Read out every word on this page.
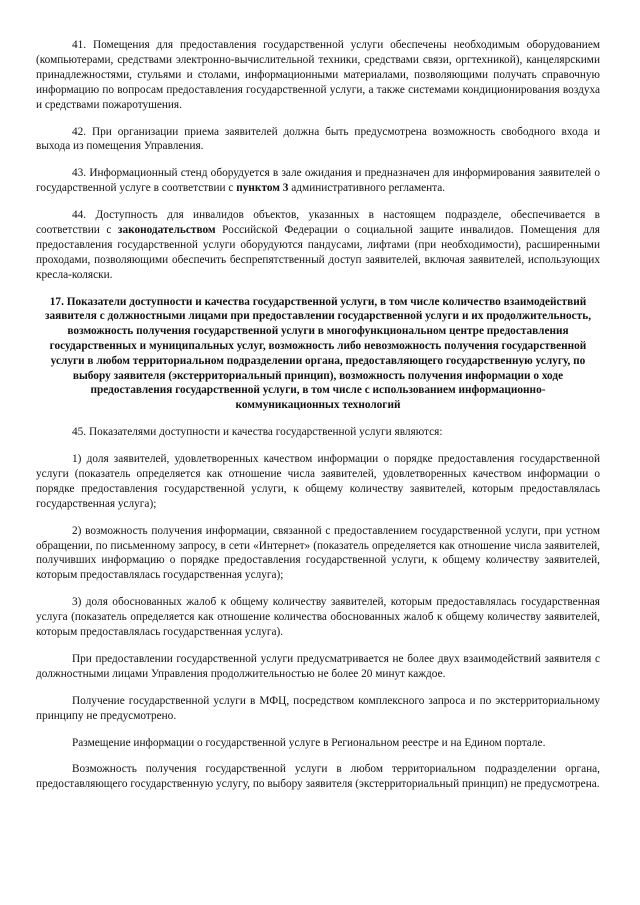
41. Помещения для предоставления государственной услуги обеспечены необходимым оборудованием (компьютерами, средствами электронно-вычислительной техники, средствами связи, оргтехникой), канцелярскими принадлежностями, стульями и столами, информационными материалами, позволяющими получать справочную информацию по вопросам предоставления государственной услуги, а также системами кондиционирования воздуха и средствами пожаротушения.

42. При организации приема заявителей должна быть предусмотрена возможность свободного входа и выхода из помещения Управления.

43. Информационный стенд оборудуется в зале ожидания и предназначен для информирования заявителей о государственной услуге в соответствии с пунктом 3 административного регламента.

44. Доступность для инвалидов объектов, указанных в настоящем подразделе, обеспечивается в соответствии с законодательством Российской Федерации о социальной защите инвалидов. Помещения для предоставления государственной услуги оборудуются пандусами, лифтами (при необходимости), расширенными проходами, позволяющими обеспечить беспрепятственный доступ заявителей, включая заявителей, использующих кресла-коляски.

17. Показатели доступности и качества государственной услуги, в том числе количество взаимодействий заявителя с должностными лицами при предоставлении государственной услуги и их продолжительность, возможность получения государственной услуги в многофункциональном центре предоставления государственных и муниципальных услуг, возможность либо невозможность получения государственной услуги в любом территориальном подразделении органа, предоставляющего государственную услугу, по выбору заявителя (экстерриториальный принцип), возможность получения информации о ходе предоставления государственной услуги, в том числе с использованием информационно-коммуникационных технологий

45. Показателями доступности и качества государственной услуги являются:

1) доля заявителей, удовлетворенных качеством информации о порядке предоставления государственной услуги (показатель определяется как отношение числа заявителей, удовлетворенных качеством информации о порядке предоставления государственной услуги, к общему количеству заявителей, которым предоставлялась государственная услуга);

2) возможность получения информации, связанной с предоставлением государственной услуги, при устном обращении, по письменному запросу, в сети «Интернет» (показатель определяется как отношение числа заявителей, получивших информацию о порядке предоставления государственной услуги, к общему количеству заявителей, которым предоставлялась государственная услуга);

3) доля обоснованных жалоб к общему количеству заявителей, которым предоставлялась государственная услуга (показатель определяется как отношение количества обоснованных жалоб к общему количеству заявителей, которым предоставлялась государственная услуга).

При предоставлении государственной услуги предусматривается не более двух взаимодействий заявителя с должностными лицами Управления продолжительностью не более 20 минут каждое.

Получение государственной услуги в МФЦ, посредством комплексного запроса и по экстерриториальному принципу не предусмотрено.

Размещение информации о государственной услуге в Региональном реестре и на Едином портале.

Возможность получения государственной услуги в любом территориальном подразделении органа, предоставляющего государственную услугу, по выбору заявителя (экстерриториальный принцип) не предусмотрена.
